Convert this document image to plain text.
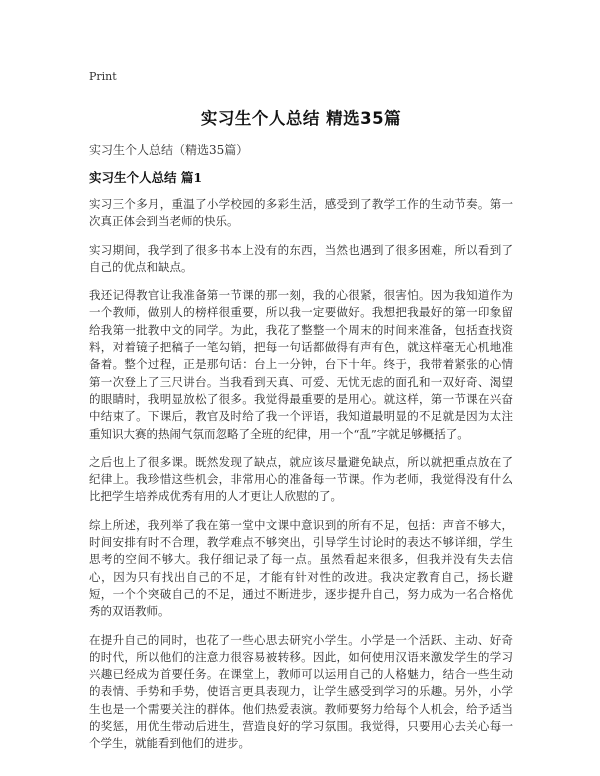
Print
实习生个人总结 精选35篇

实习生个人总结（精选35篇）

实习生个人总结 篇1

实习三个多月，重温了小学校园的多彩生活，感受到了教学工作的生动节奏。第一次真正体会到当老师的快乐。

实习期间，我学到了很多书本上没有的东西，当然也遇到了很多困难，所以看到了自己的优点和缺点。

我还记得教官让我准备第一节课的那一刻，我的心很紧，很害怕。因为我知道作为一个教师，做别人的榜样很重要，所以我一定要做好。我想把我最好的第一印象留给我第一批教中文的同学。为此，我花了整整一个周末的时间来准备，包括查找资料，对着镜子把稿子一笔勾销，把每一句话都做得有声有色，就这样毫无心机地准备着。整个过程，正是那句话：台上一分钟，台下十年。终于，我带着紧张的心情第一次登上了三尺讲台。当我看到天真、可爱、无忧无虑的面孔和一双好奇、渴望的眼睛时，我明显放松了很多。我觉得最重要的是用心。就这样，第一节课在兴奋中结束了。下课后，教官及时给了我一个评语，我知道最明显的不足就是因为太注重知识大赛的热闹气氛而忽略了全班的纪律，用一个“乱”字就足够概括了。

之后也上了很多课。既然发现了缺点，就应该尽量避免缺点，所以就把重点放在了纪律上。我珍惜这些机会，非常用心的准备每一节课。作为老师，我觉得没有什么比把学生培养成优秀有用的人才更让人欣慰的了。

综上所述，我列举了我在第一堂中文课中意识到的所有不足，包括：声音不够大，时间安排有时不合理，教学难点不够突出，引导学生讨论时的表达不够详细，学生思考的空间不够大。我仔细记录了每一点。虽然看起来很多，但我并没有失去信心，因为只有找出自己的不足，才能有针对性的改进。我决定教育自己，扬长避短，一个个突破自己的不足，通过不断进步，逐步提升自己，努力成为一名合格优秀的双语教师。

在提升自己的同时，也花了一些心思去研究小学生。小学是一个活跃、主动、好奇的时代，所以他们的注意力很容易被转移。因此，如何使用汉语来激发学生的学习兴趣已经成为首要任务。在课堂上，教师可以运用自己的人格魅力，结合一些生动的表情、手势和手势，使语言更具表现力，让学生感受到学习的乐趣。另外，小学生也是一个需要关注的群体。他们热爱表演。教师要努力给每个人机会，给予适当的奖惩，用优生带动后进生，营造良好的学习氛围。我觉得，只要用心去关心每一个学生，就能看到他们的进步。
